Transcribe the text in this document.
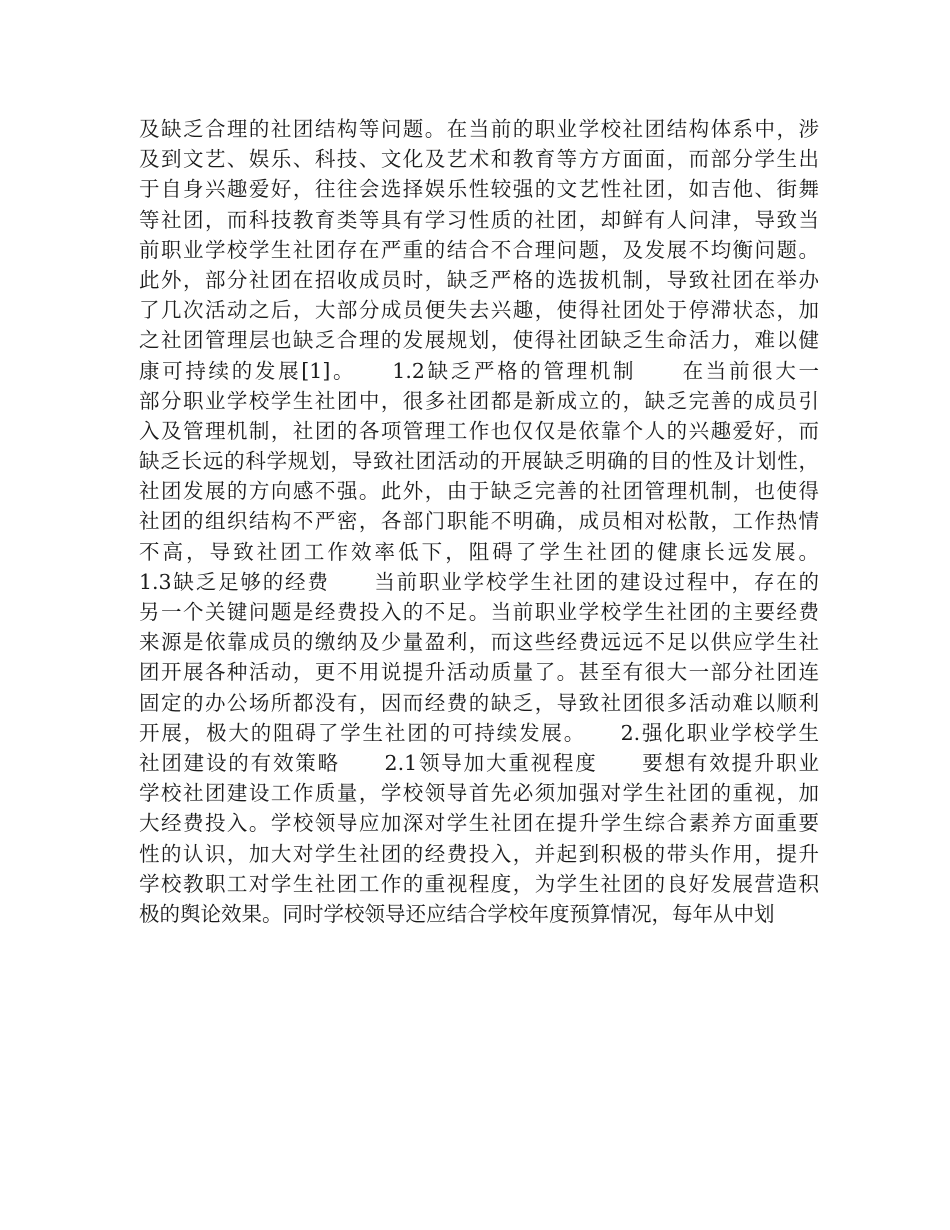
及缺乏合理的社团结构等问题。在当前的职业学校社团结构体系中，涉
及到文艺、娱乐、科技、文化及艺术和教育等方方面面，而部分学生出
于自身兴趣爱好，往往会选择娱乐性较强的文艺性社团，如吉他、街舞
等社团，而科技教育类等具有学习性质的社团，却鲜有人问津，导致当
前职业学校学生社团存在严重的结合不合理问题，及发展不均衡问题。
此外，部分社团在招收成员时，缺乏严格的选拔机制，导致社团在举办
了几次活动之后，大部分成员便失去兴趣，使得社团处于停滞状态，加
之社团管理层也缺乏合理的发展规划，使得社团缺乏生命活力，难以健
康可持续的发展[1]。　　1.2缺乏严格的管理机制　　在当前很大一
部分职业学校学生社团中，很多社团都是新成立的，缺乏完善的成员引
入及管理机制，社团的各项管理工作也仅仅是依靠个人的兴趣爱好，而
缺乏长远的科学规划，导致社团活动的开展缺乏明确的目的性及计划性，
社团发展的方向感不强。此外，由于缺乏完善的社团管理机制，也使得
社团的组织结构不严密，各部门职能不明确，成员相对松散，工作热情
不高，导致社团工作效率低下，阻碍了学生社团的健康长远发展。
1.3缺乏足够的经费　　当前职业学校学生社团的建设过程中，存在的
另一个关键问题是经费投入的不足。当前职业学校学生社团的主要经费
来源是依靠成员的缴纳及少量盈利，而这些经费远远不足以供应学生社
团开展各种活动，更不用说提升活动质量了。甚至有很大一部分社团连
固定的办公场所都没有，因而经费的缺乏，导致社团很多活动难以顺利
开展，极大的阻碍了学生社团的可持续发展。　　2.强化职业学校学生
社团建设的有效策略　　2.1领导加大重视程度　　要想有效提升职业
学校社团建设工作质量，学校领导首先必须加强对学生社团的重视，加
大经费投入。学校领导应加深对学生社团在提升学生综合素养方面重要
性的认识，加大对学生社团的经费投入，并起到积极的带头作用，提升
学校教职工对学生社团工作的重视程度，为学生社团的良好发展营造积
极的舆论效果。同时学校领导还应结合学校年度预算情况，每年从中划
